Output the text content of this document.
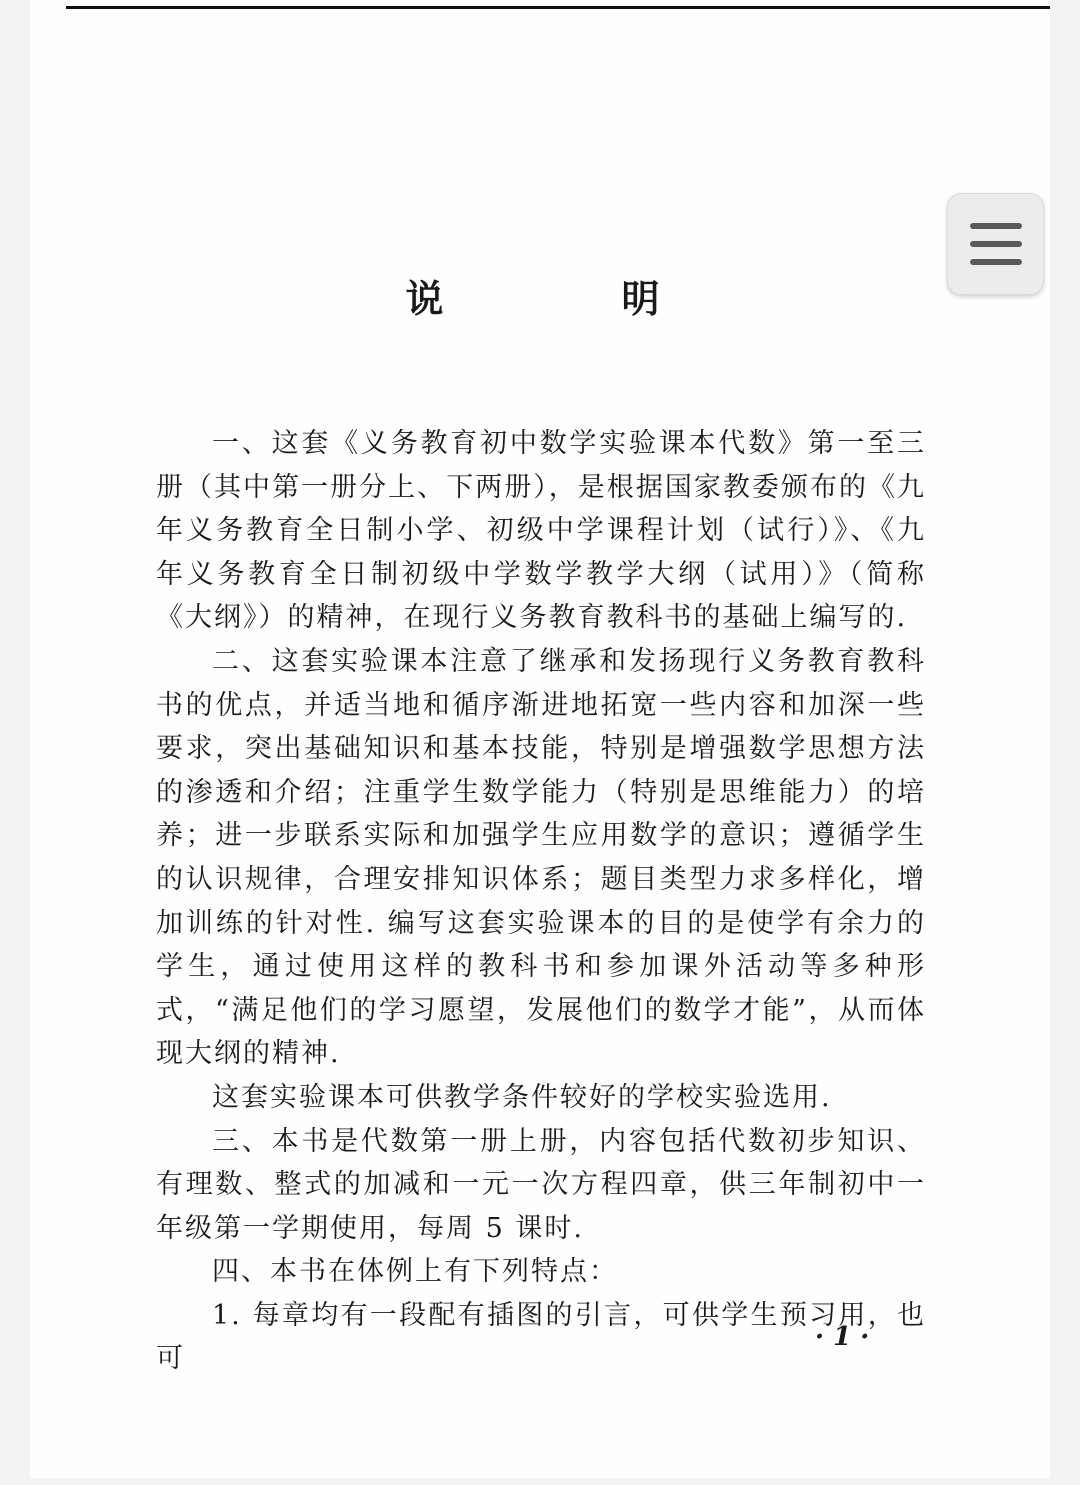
说　明

一、这套《义务教育初中数学实验课本代数》第一至三册（其中第一册分上、下两册），是根据国家教委颁布的《九年义务教育全日制小学、初级中学课程计划（试行）》、《九年义务教育全日制初级中学数学教学大纲（试用）》（简称《大纲》）的精神，在现行义务教育教科书的基础上编写的.

二、这套实验课本注意了继承和发扬现行义务教育教科书的优点，并适当地和循序渐进地拓宽一些内容和加深一些要求，突出基础知识和基本技能，特别是增强数学思想方法的渗透和介绍；注重学生数学能力（特别是思维能力）的培养；进一步联系实际和加强学生应用数学的意识；遵循学生的认识规律，合理安排知识体系；题目类型力求多样化，增加训练的针对性. 编写这套实验课本的目的是使学有余力的学生，通过使用这样的教科书和参加课外活动等多种形式，“满足他们的学习愿望，发展他们的数学才能”，从而体现大纲的精神.

这套实验课本可供教学条件较好的学校实验选用.

三、本书是代数第一册上册，内容包括代数初步知识、有理数、整式的加减和一元一次方程四章，供三年制初中一年级第一学期使用，每周 5 课时.

四、本书在体例上有下列特点：

1. 每章均有一段配有插图的引言，可供学生预习用，也可

· 1 ·
